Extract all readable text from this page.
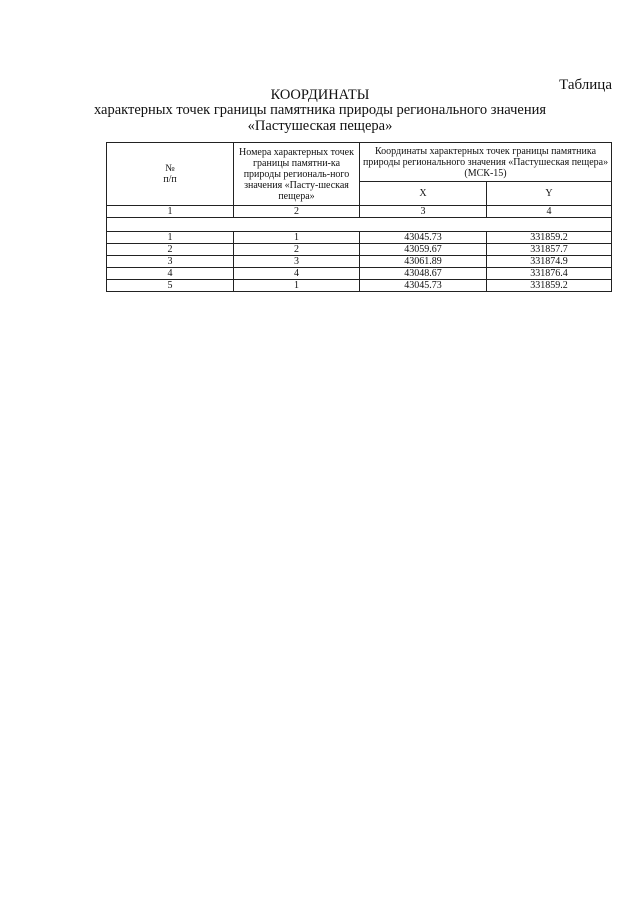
Таблица
КООРДИНАТЫ
характерных точек границы памятника природы регионального значения
«Пастушеская пещера»
№
п/п	Номера характерных точек границы памятни-ка природы региональ-ного значения «Пасту-шеская пещера»	Координаты характерных точек границы памятника природы регионального значения «Пастушеская пещера» (МСК-15)	
		X	Y
1	2	3	4

1	1	43045.73	331859.2
2	2	43059.67	331857.7
3	3	43061.89	331874.9
4	4	43048.67	331876.4
5	1	43045.73	331859.2
